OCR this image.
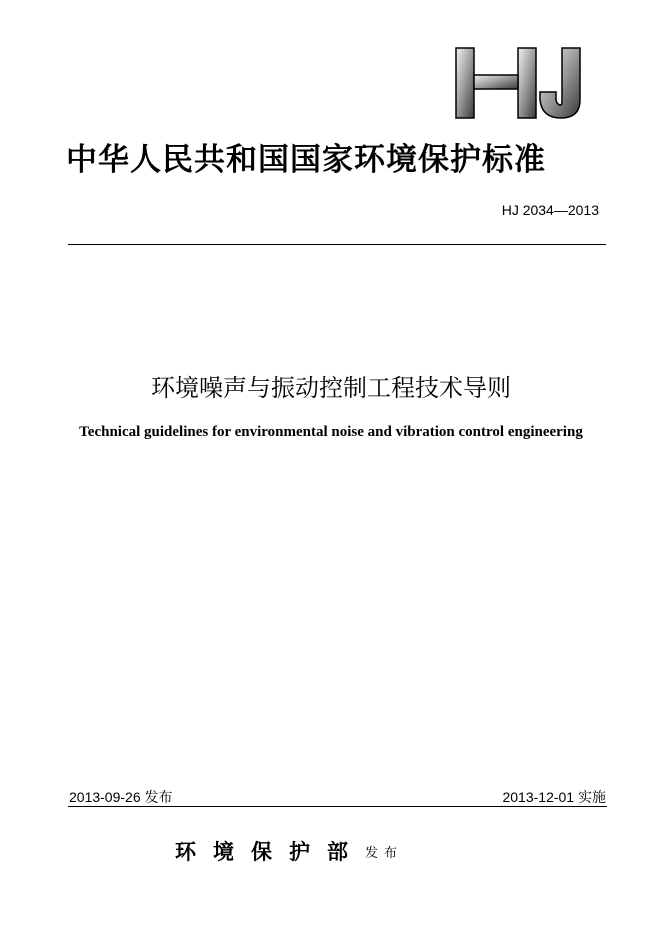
中华人民共和国国家环境保护标准
HJ 2034—2013
环境噪声与振动控制工程技术导则
Technical guidelines for environmental noise and vibration control engineering
2013-09-26 发布	2013-12-01 实施
环境保护部发布
